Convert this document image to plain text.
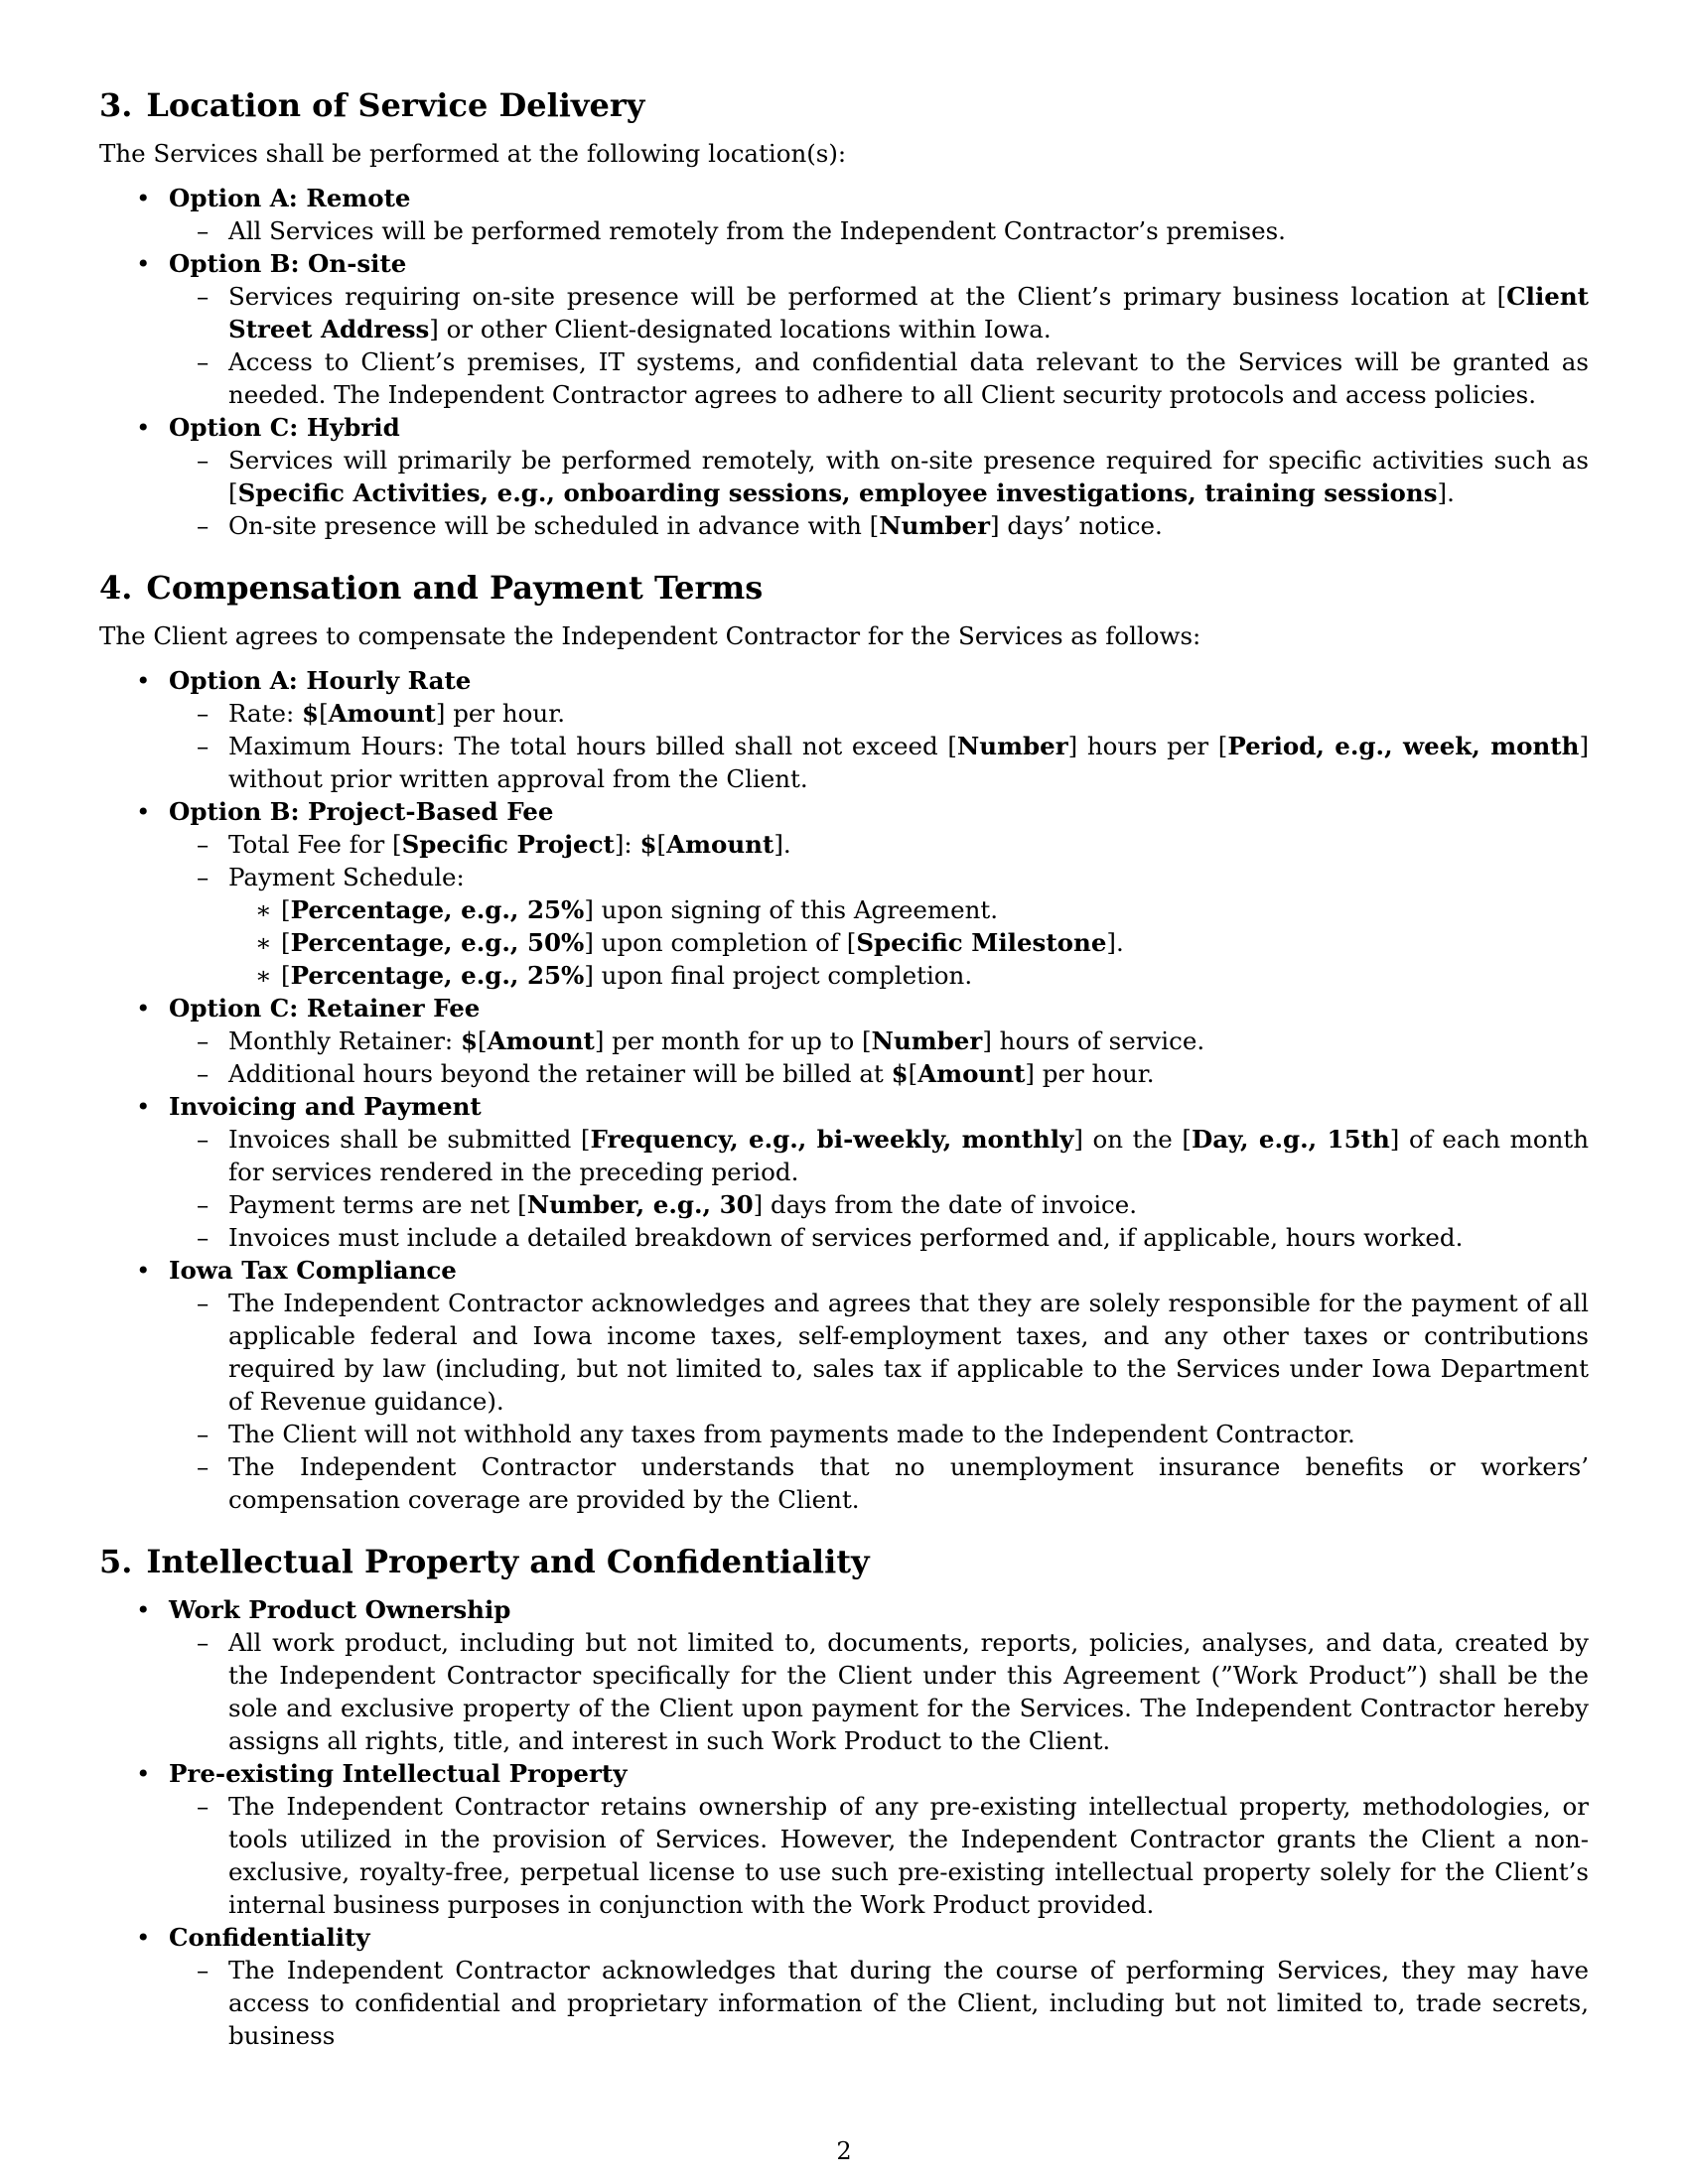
3. Location of Service Delivery

The Services shall be performed at the following location(s):

• Option A: Remote
– All Services will be performed remotely from the Independent Contractor’s premises.
• Option B: On-site
– Services requiring on-site presence will be performed at the Client’s primary business location at [Client Street Address] or other Client-designated locations within Iowa.
– Access to Client’s premises, IT systems, and confidential data relevant to the Services will be granted as needed. The Independent Contractor agrees to adhere to all Client security protocols and access policies.
• Option C: Hybrid
– Services will primarily be performed remotely, with on-site presence required for specific activities such as [Specific Activities, e.g., onboarding sessions, employee investigations, training sessions].
– On-site presence will be scheduled in advance with [Number] days’ notice.
4. Compensation and Payment Terms

The Client agrees to compensate the Independent Contractor for the Services as follows:

• Option A: Hourly Rate
– Rate: $[Amount] per hour.
– Maximum Hours: The total hours billed shall not exceed [Number] hours per [Period, e.g., week, month] without prior written approval from the Client.
• Option B: Project-Based Fee
– Total Fee for [Specific Project]: $[Amount].
– Payment Schedule:
∗ [Percentage, e.g., 25%] upon signing of this Agreement.
∗ [Percentage, e.g., 50%] upon completion of [Specific Milestone].
∗ [Percentage, e.g., 25%] upon final project completion.
• Option C: Retainer Fee
– Monthly Retainer: $[Amount] per month for up to [Number] hours of service.
– Additional hours beyond the retainer will be billed at $[Amount] per hour.
• Invoicing and Payment
– Invoices shall be submitted [Frequency, e.g., bi-weekly, monthly] on the [Day, e.g., 15th] of each month for services rendered in the preceding period.
– Payment terms are net [Number, e.g., 30] days from the date of invoice.
– Invoices must include a detailed breakdown of services performed and, if applicable, hours worked.
• Iowa Tax Compliance
– The Independent Contractor acknowledges and agrees that they are solely responsible for the payment of all applicable federal and Iowa income taxes, self-employment taxes, and any other taxes or contributions required by law (including, but not limited to, sales tax if applicable to the Services under Iowa Department of Revenue guidance).
– The Client will not withhold any taxes from payments made to the Independent Contractor.
– The Independent Contractor understands that no unemployment insurance benefits or workers’ compensation coverage are provided by the Client.
5. Intellectual Property and Confidentiality
• Work Product Ownership
– All work product, including but not limited to, documents, reports, policies, analyses, and data, created by the Independent Contractor specifically for the Client under this Agreement (”Work Product”) shall be the sole and exclusive property of the Client upon payment for the Services. The Independent Contractor hereby assigns all rights, title, and interest in such Work Product to the Client.
• Pre-existing Intellectual Property
– The Independent Contractor retains ownership of any pre-existing intellectual property, methodologies, or tools utilized in the provision of Services. However, the Independent Contractor grants the Client a non-exclusive, royalty-free, perpetual license to use such pre-existing intellectual property solely for the Client’s internal business purposes in conjunction with the Work Product provided.
• Confidentiality
– The Independent Contractor acknowledges that during the course of performing Services, they may have access to confidential and proprietary information of the Client, including but not limited to, trade secrets, business
2
